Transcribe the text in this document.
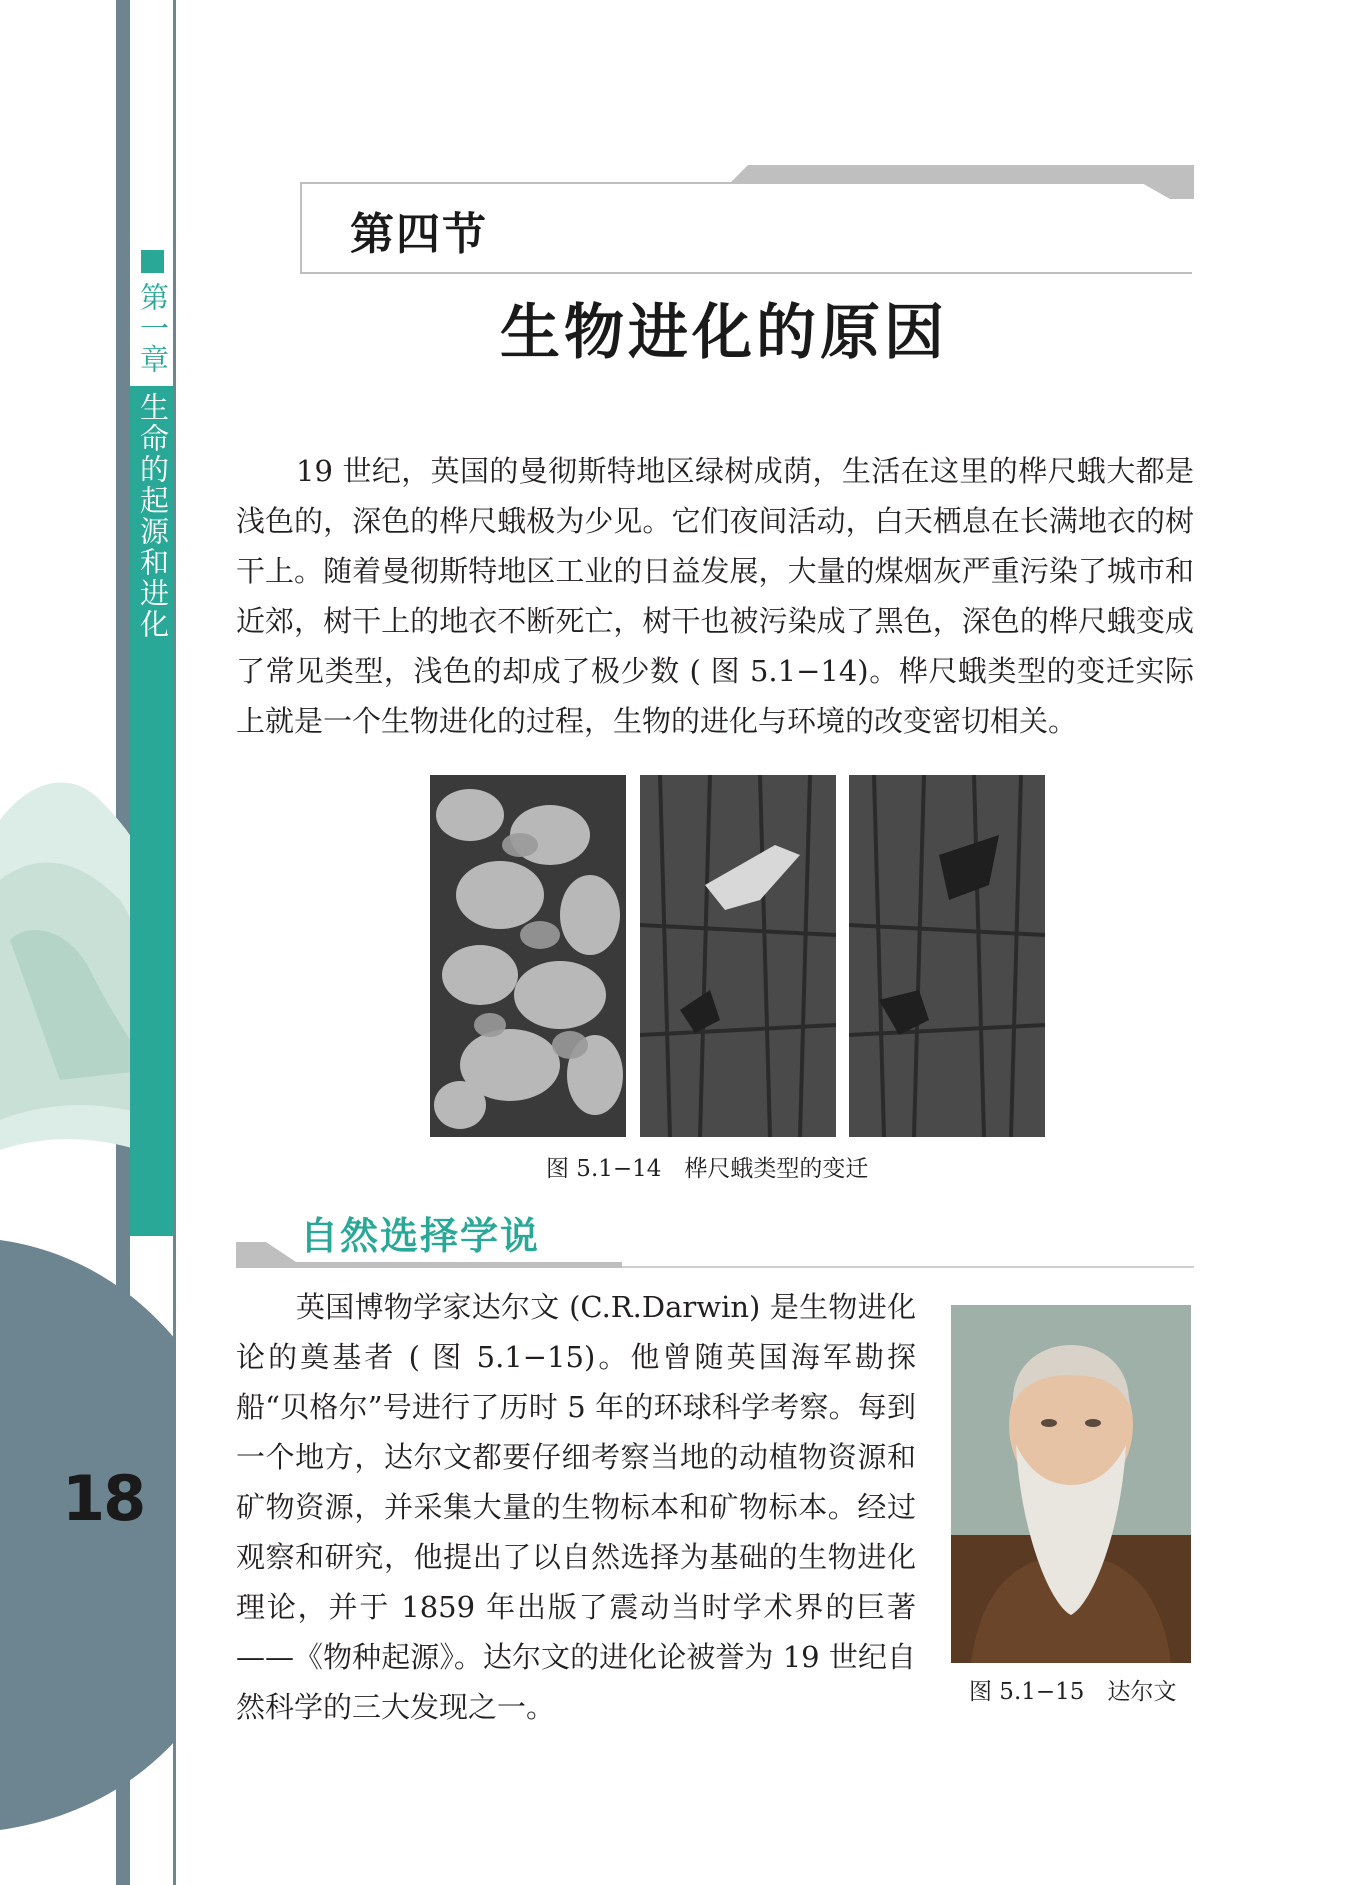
第一章
生命的起源和进化
18
第四节
生物进化的原因

19 世纪，英国的曼彻斯特地区绿树成荫，生活在这里的桦尺蛾大都是浅色的，深色的桦尺蛾极为少见。它们夜间活动，白天栖息在长满地衣的树干上。随着曼彻斯特地区工业的日益发展，大量的煤烟灰严重污染了城市和近郊，树干上的地衣不断死亡，树干也被污染成了黑色，深色的桦尺蛾变成了常见类型，浅色的却成了极少数 ( 图 5.1−14)。桦尺蛾类型的变迁实际上就是一个生物进化的过程，生物的进化与环境的改变密切相关。

图 5.1−14　桦尺蛾类型的变迁
自然选择学说

英国博物学家达尔文 (C.R.Darwin) 是生物进化论的奠基者 ( 图 5.1−15)。他曾随英国海军勘探船“贝格尔”号进行了历时 5 年的环球科学考察。每到一个地方，达尔文都要仔细考察当地的动植物资源和矿物资源，并采集大量的生物标本和矿物标本。经过观察和研究，他提出了以自然选择为基础的生物进化理论，并于 1859 年出版了震动当时学术界的巨著——《物种起源》。达尔文的进化论被誉为 19 世纪自然科学的三大发现之一。	图 5.1−15　达尔文
